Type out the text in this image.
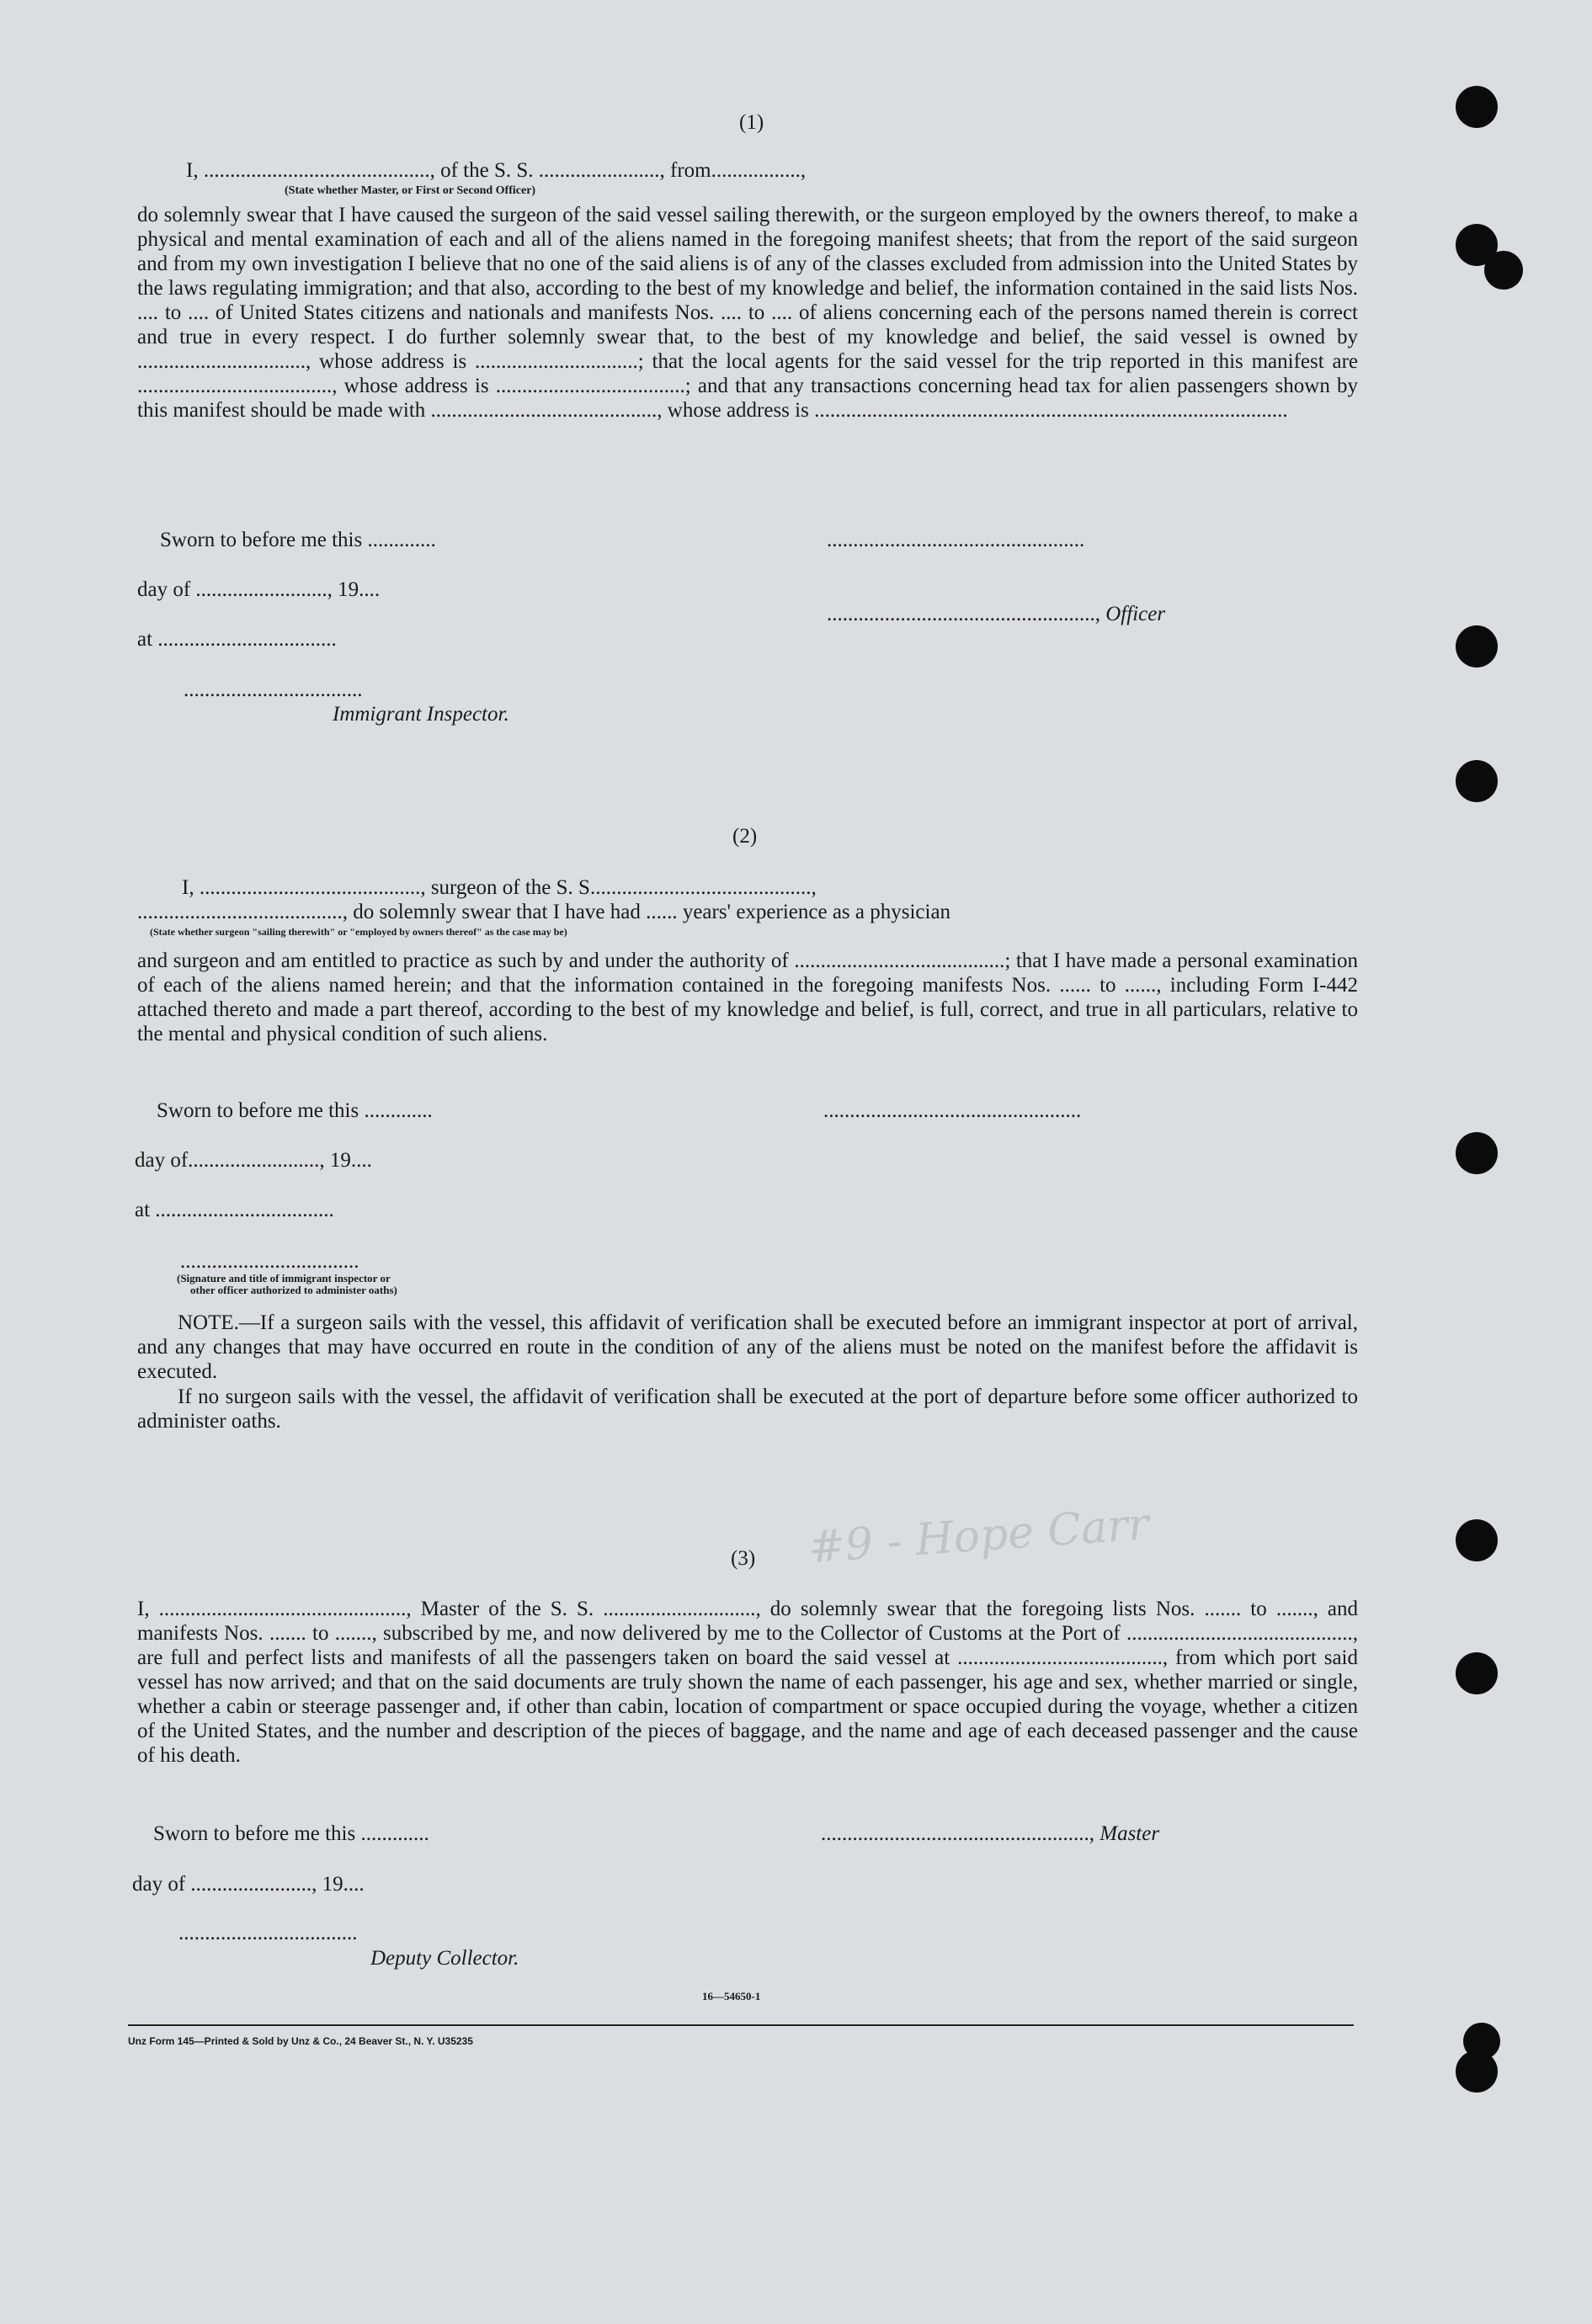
(1)
I, ..........................................., of the S. S. ......................., from.................,
(State whether Master, or First or Second Officer)
do solemnly swear that I have caused the surgeon of the said vessel sailing therewith, or the surgeon employed by the owners thereof, to make a physical and mental examination of each and all of the aliens named in the foregoing manifest sheets; that from the report of the said surgeon and from my own investigation I believe that no one of the said aliens is of any of the classes excluded from admission into the United States by the laws regulating immigration; and that also, according to the best of my knowledge and belief, the information contained in the said lists Nos. .... to .... of United States citizens and nationals and manifests Nos. .... to .... of aliens concerning each of the persons named therein is correct and true in every respect. I do further solemnly swear that, to the best of my knowledge and belief, the said vessel is owned by ................................, whose address is ...............................; that the local agents for the said vessel for the trip reported in this manifest are ....................................., whose address is ....................................; and that any transactions concerning head tax for alien passengers shown by this manifest should be made with ..........................................., whose address is ..........................................................................................
Sworn to before me this .............
day of ........................., 19....
at ..................................
..................................
Immigrant Inspector.
.................................................
..................................................., Officer
(2)
I, .........................................., surgeon of the S. S..........................................,
......................................., do solemnly swear that I have had ...... years' experience as a physician
(State whether surgeon "sailing therewith" or "employed by owners thereof" as the case may be)
and surgeon and am entitled to practice as such by and under the authority of ........................................; that I have made a personal examination of each of the aliens named herein; and that the information contained in the foregoing manifests Nos. ...... to ......, including Form I-442 attached thereto and made a part thereof, according to the best of my knowledge and belief, is full, correct, and true in all particulars, relative to the mental and physical condition of such aliens.
Sworn to before me this .............
day of........................., 19....
at ..................................
..................................
(Signature and title of immigrant inspector or
other officer authorized to administer oaths)
.................................................
NOTE.—If a surgeon sails with the vessel, this affidavit of verification shall be executed before an immigrant inspector at port of arrival, and any changes that may have occurred en route in the condition of any of the aliens must be noted on the manifest before the affidavit is executed.
If no surgeon sails with the vessel, the affidavit of verification shall be executed at the port of departure before some officer authorized to administer oaths.
#9 - Hope Carr
(3)
I, ..............................................., Master of the S. S. ............................., do solemnly swear that the foregoing lists Nos. ....... to ......., and manifests Nos. ....... to ......., subscribed by me, and now delivered by me to the Collector of Customs at the Port of ..........................................., are full and perfect lists and manifests of all the passengers taken on board the said vessel at ......................................., from which port said vessel has now arrived; and that on the said documents are truly shown the name of each passenger, his age and sex, whether married or single, whether a cabin or steerage passenger and, if other than cabin, location of compartment or space occupied during the voyage, whether a citizen of the United States, and the number and description of the pieces of baggage, and the name and age of each deceased passenger and the cause of his death.
Sworn to before me this .............
day of ......................., 19....
..................................
Deputy Collector.
..................................................., Master
16—54650-1
Unz Form 145—Printed & Sold by Unz & Co., 24 Beaver St., N. Y. U35235
